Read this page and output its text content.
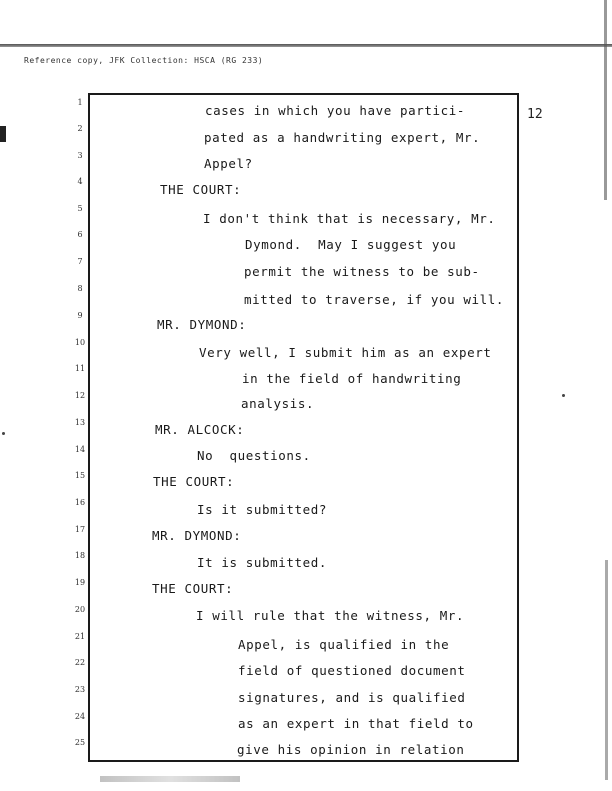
Reference copy, JFK Collection: HSCA (RG 233)
12
1
2
3
4
5
6
7
8
9
10
11
12
13
14
15
16
17
18
19
20
21
22
23
24
25
cases in which you have partici-
pated as a handwriting expert, Mr.
Appel?
THE COURT:
I don't think that is necessary, Mr.
Dymond.  May I suggest you
permit the witness to be sub-
mitted to traverse, if you will.
MR. DYMOND:
Very well, I submit him as an expert
in the field of handwriting
analysis.
MR. ALCOCK:
No  questions.
THE COURT:
Is it submitted?
MR. DYMOND:
It is submitted.
THE COURT:
I will rule that the witness, Mr.
Appel, is qualified in the
field of questioned document
signatures, and is qualified
as an expert in that field to
give his opinion in relation
